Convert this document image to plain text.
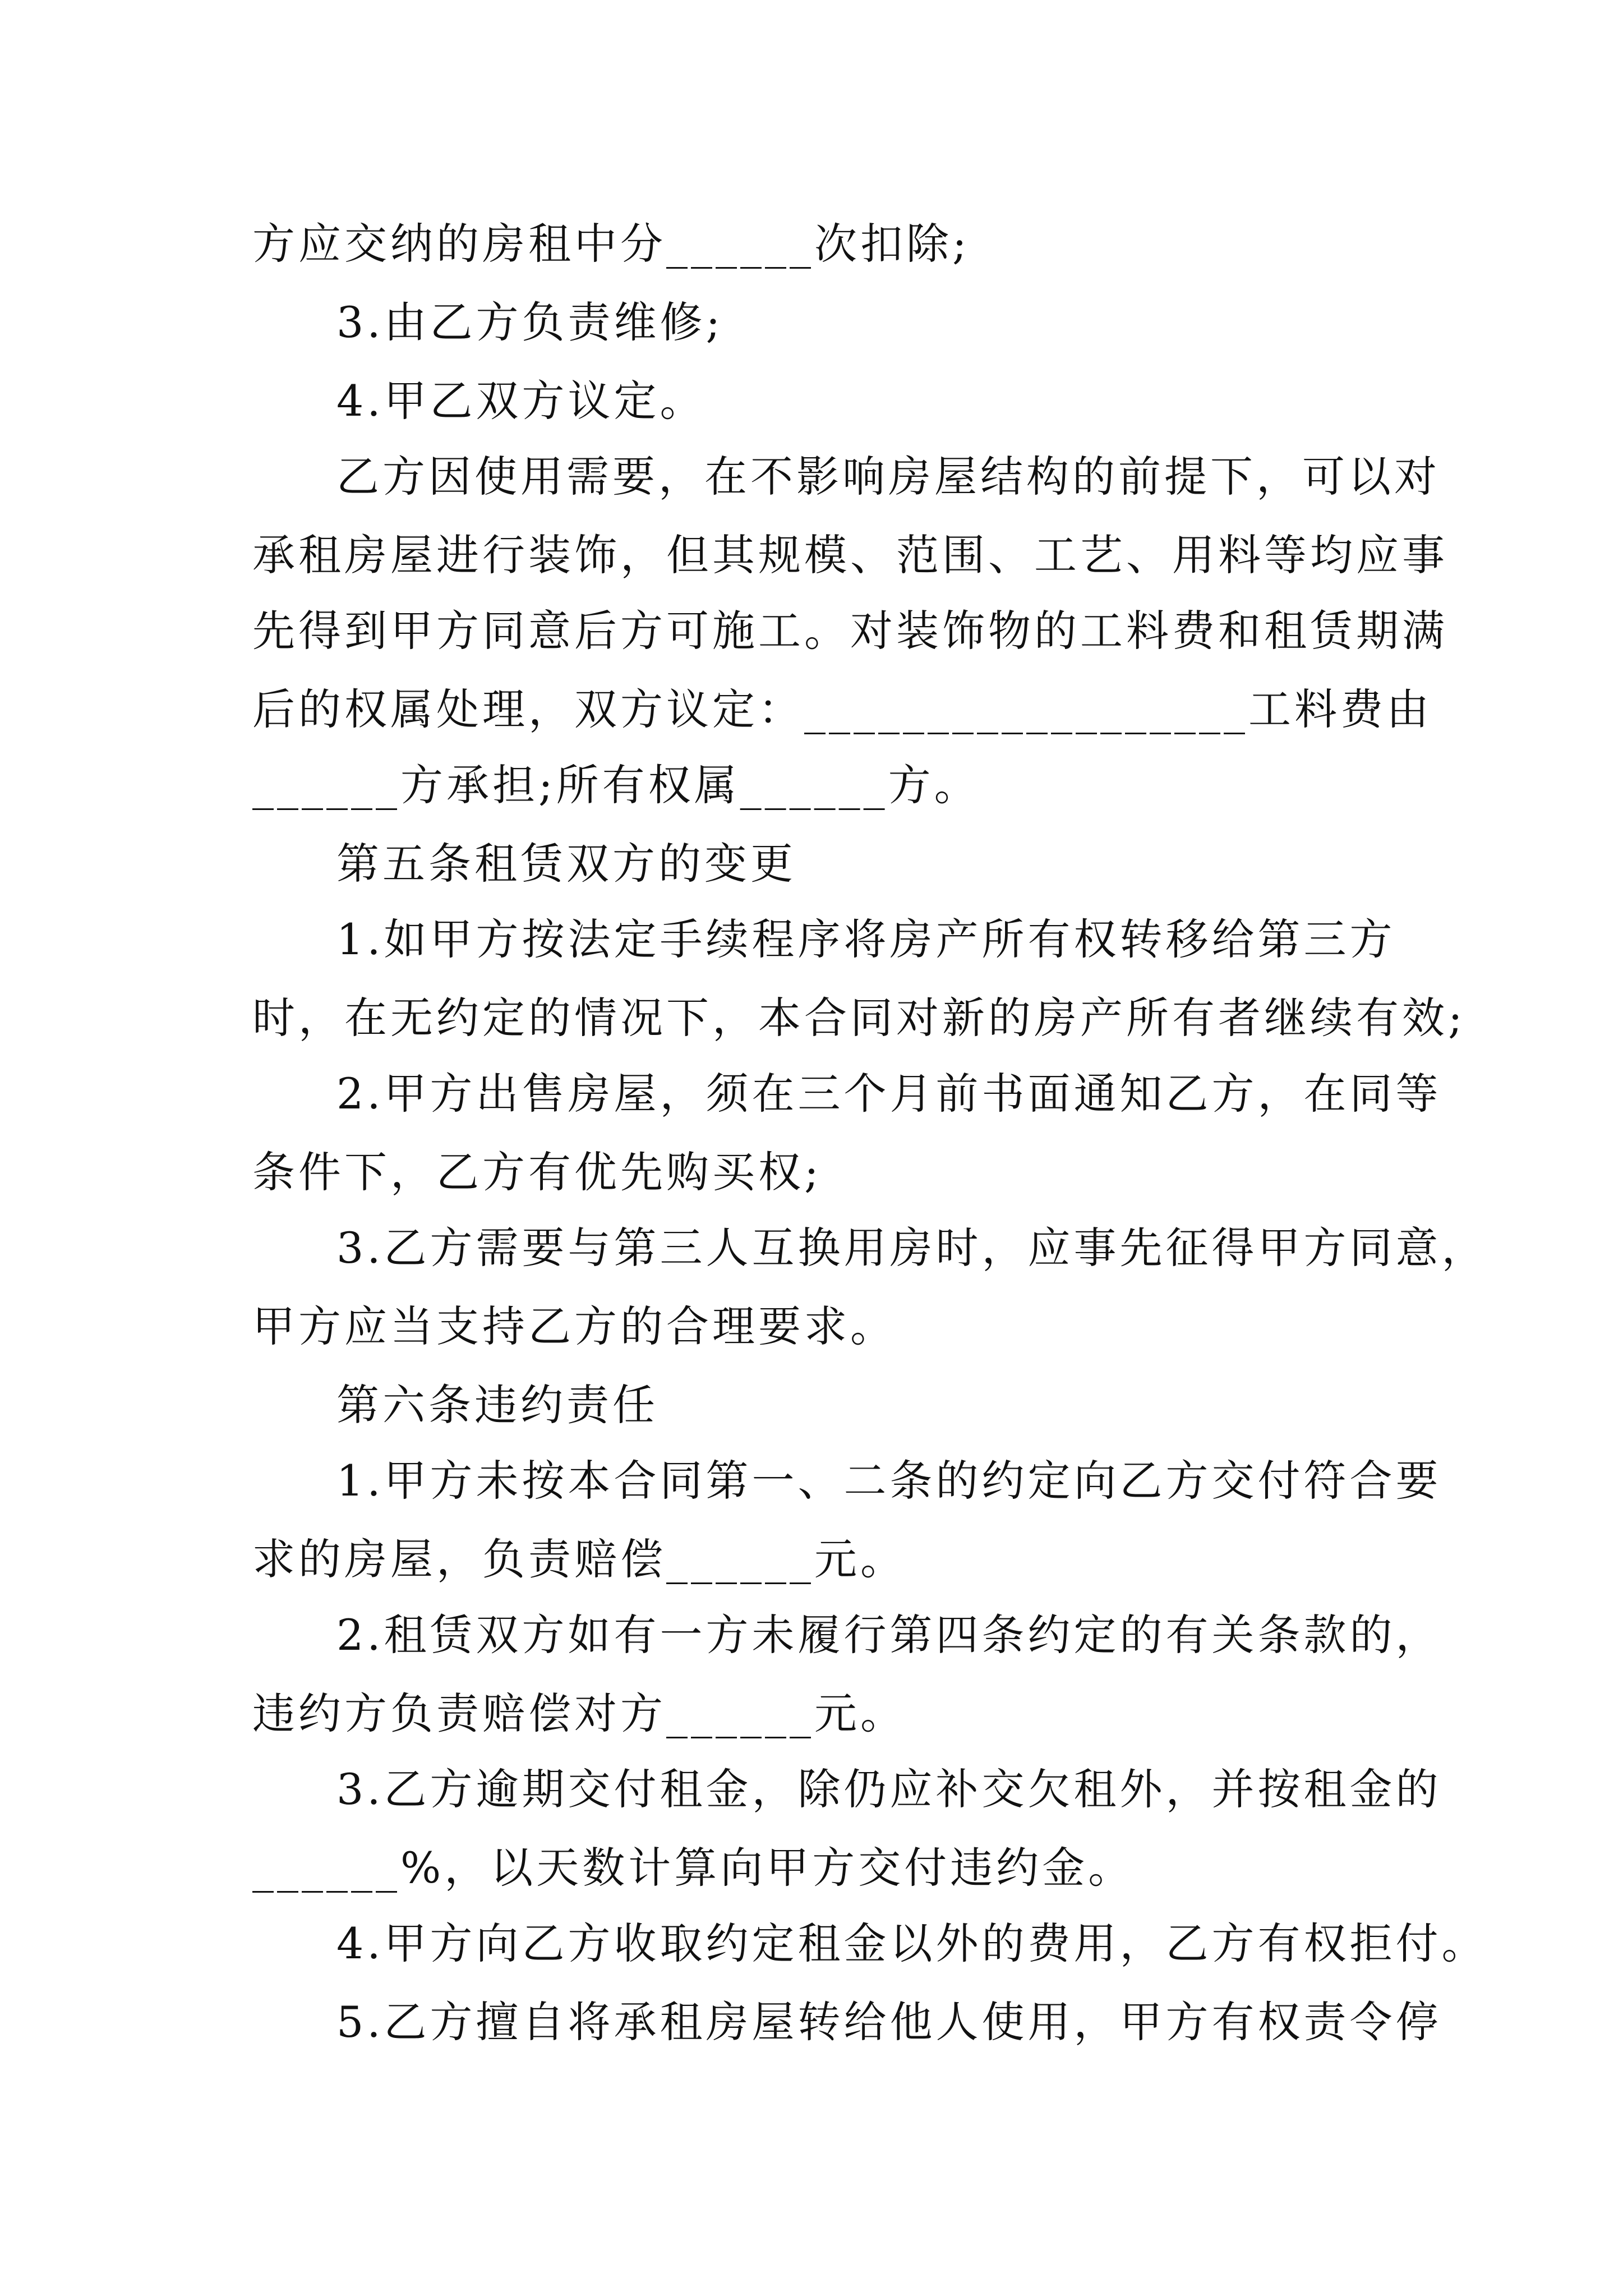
方应交纳的房租中分______次扣除;
3.由乙方负责维修;
4.甲乙双方议定。
乙方因使用需要，在不影响房屋结构的前提下，可以对
承租房屋进行装饰，但其规模、范围、工艺、用料等均应事
先得到甲方同意后方可施工。对装饰物的工料费和租赁期满
后的权属处理，双方议定：__________________工料费由
______方承担;所有权属______方。
第五条租赁双方的变更
1.如甲方按法定手续程序将房产所有权转移给第三方
时，在无约定的情况下，本合同对新的房产所有者继续有效;
2.甲方出售房屋，须在三个月前书面通知乙方，在同等
条件下，乙方有优先购买权;
3.乙方需要与第三人互换用房时，应事先征得甲方同意，
甲方应当支持乙方的合理要求。
第六条违约责任
1.甲方未按本合同第一、二条的约定向乙方交付符合要
求的房屋，负责赔偿______元。
2.租赁双方如有一方未履行第四条约定的有关条款的，
违约方负责赔偿对方______元。
3.乙方逾期交付租金，除仍应补交欠租外，并按租金的
______%，以天数计算向甲方交付违约金。
4.甲方向乙方收取约定租金以外的费用，乙方有权拒付。
5.乙方擅自将承租房屋转给他人使用，甲方有权责令停
